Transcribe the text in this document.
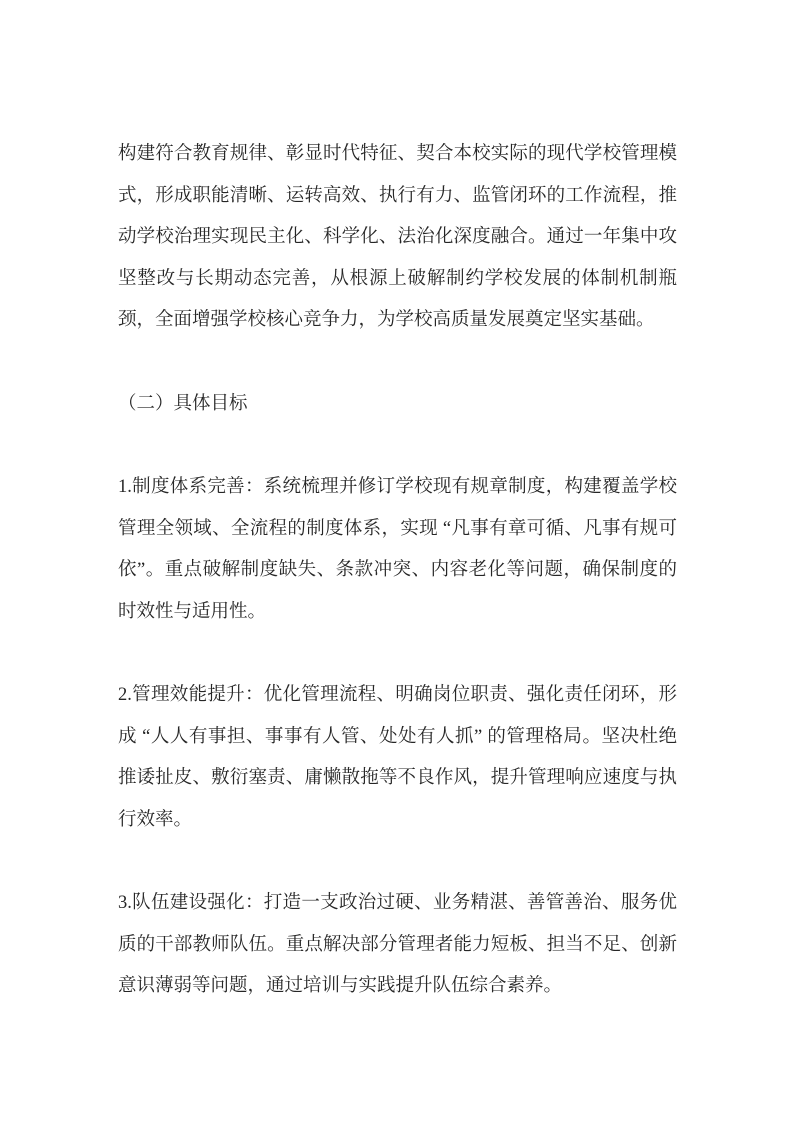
构建符合教育规律、彰显时代特征、契合本校实际的现代学校管理模式，形成职能清晰、运转高效、执行有力、监管闭环的工作流程，推动学校治理实现民主化、科学化、法治化深度融合。通过一年集中攻坚整改与长期动态完善，从根源上破解制约学校发展的体制机制瓶颈，全面增强学校核心竞争力，为学校高质量发展奠定坚实基础。

（二）具体目标

1.制度体系完善：系统梳理并修订学校现有规章制度，构建覆盖学校管理全领域、全流程的制度体系，实现 “凡事有章可循、凡事有规可依”。重点破解制度缺失、条款冲突、内容老化等问题，确保制度的时效性与适用性。

2.管理效能提升：优化管理流程、明确岗位职责、强化责任闭环，形成 “人人有事担、事事有人管、处处有人抓” 的管理格局。坚决杜绝推诿扯皮、敷衍塞责、庸懒散拖等不良作风，提升管理响应速度与执行效率。

3.队伍建设强化：打造一支政治过硬、业务精湛、善管善治、服务优质的干部教师队伍。重点解决部分管理者能力短板、担当不足、创新意识薄弱等问题，通过培训与实践提升队伍综合素养。
